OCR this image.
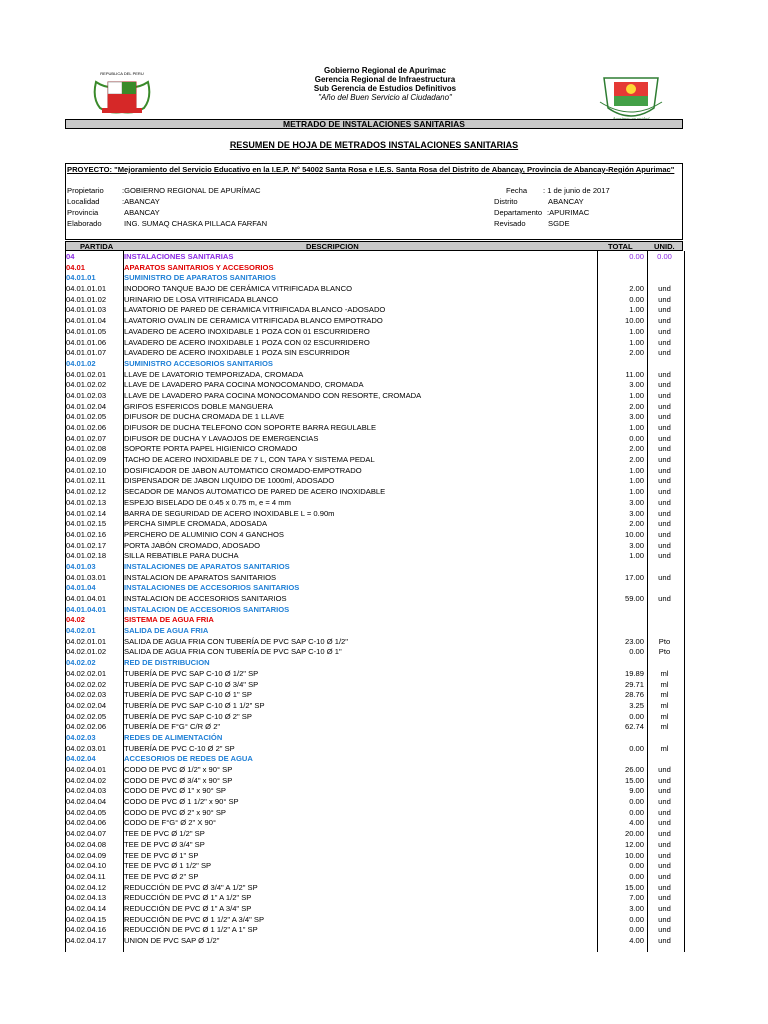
REPUBLICA DEL PERU	Gobierno Regional de Apurimac
Gerencia Regional de Infraestructura
Sub Gerencia de Estudios Definitivos
"Año del Buen Servicio al Ciudadano"
METRADO DE INSTALACIONES SANITARIAS
RESUMEN DE HOJA DE METRADOS INSTALACIONES SANITARIAS
PROYECTO: "Mejoramiento del Servicio Educativo en la I.E.P. N° 54002 Santa Rosa e I.E.S. Santa Rosa del Distrito de Abancay, Provincia de Abancay-Región Apurimac"
Propietario :GOBIERNO REGIONAL DE APURÍMAC
Localidad	:ABANCAY
Provincia	ABANCAY
Elaborado	ING. SUMAQ CHASKA PILLACA FARFAN
Fecha : 1 de junio de 2017
Distrito	ABANCAY
Departamento :APURIMAC
Revisado	SGDE
PARTIDA	DESCRIPCION	TOTAL	UNID.
04	INSTALACIONES SANITARIAS	0.00	0.00
04.01	APARATOS SANITARIOS Y ACCESORIOS
04.01.01	SUMINISTRO DE APARATOS SANITARIOS
04.01.01.01 INODORO TANQUE BAJO DE CERÁMICA VITRIFICADA BLANCO	2.00	und
04.01.01.02 URINARIO DE LOSA VITRIFICADA BLANCO	0.00	und
04.01.01.03 LAVATORIO DE PARED DE CERAMICA VITRIFICADA BLANCO -ADOSADO	1.00	und
04.01.01.04 LAVATORIO OVALIN DE CERAMICA VITRIFICADA BLANCO EMPOTRADO	10.00	und
04.01.01.05 LAVADERO DE ACERO INOXIDABLE 1 POZA CON 01 ESCURRIDERO	1.00	und
04.01.01.06 LAVADERO DE ACERO INOXIDABLE 1 POZA CON 02 ESCURRIDERO	1.00	und
04.01.01.07 LAVADERO DE ACERO INOXIDABLE 1 POZA SIN ESCURRIDOR	2.00	und
04.01.02	SUMINISTRO ACCESORIOS SANITARIOS
04.01.02.01 LLAVE DE LAVATORIO TEMPORIZADA, CROMADA	11.00	und
04.01.02.02 LLAVE DE LAVADERO PARA COCINA MONOCOMANDO, CROMADA	3.00	und
04.01.02.03 LLAVE DE LAVADERO PARA COCINA MONOCOMANDO CON RESORTE, CROMADA	1.00	und
04.01.02.04 GRIFOS ESFERICOS DOBLE MANGUERA	2.00	und
04.01.02.05 DIFUSOR DE DUCHA CROMADA DE 1 LLAVE	3.00	und
04.01.02.06 DIFUSOR DE DUCHA TELEFONO CON SOPORTE BARRA REGULABLE	1.00	und
04.01.02.07 DIFUSOR DE DUCHA Y LAVAOJOS DE EMERGENCIAS	0.00	und
04.01.02.08 SOPORTE PORTA PAPEL HIGIENICO CROMADO	2.00	und
04.01.02.09 TACHO DE ACERO INOXIDABLE DE 7 L, CON TAPA Y SISTEMA PEDAL	2.00	und
04.01.02.10 DOSIFICADOR DE JABON AUTOMATICO CROMADO-EMPOTRADO	1.00	und
04.01.02.11 DISPENSADOR DE JABON LIQUIDO DE 1000ml, ADOSADO	1.00	und
04.01.02.12 SECADOR DE MANOS AUTOMATICO DE PARED DE ACERO INOXIDABLE	1.00	und
04.01.02.13 ESPEJO BISELADO DE 0.45 x 0.75 m, e = 4 mm	3.00	und
04.01.02.14 BARRA DE SEGURIDAD DE ACERO INOXIDABLE L = 0.90m	3.00	und
04.01.02.15 PERCHA SIMPLE CROMADA, ADOSADA	2.00	und
04.01.02.16 PERCHERO DE ALUMINIO CON 4 GANCHOS	10.00	und
04.01.02.17 PORTA JABÓN CROMADO, ADOSADO	3.00	und
04.01.02.18 SILLA REBATIBLE PARA DUCHA	1.00	und
04.01.03	INSTALACIONES DE APARATOS SANITARIOS
04.01.03.01 INSTALACION DE APARATOS SANITARIOS	17.00	und
04.01.04	INSTALACIONES DE ACCESORIOS SANITARIOS
04.01.04.01 INSTALACION DE ACCESORIOS SANITARIOS	59.00	und
04.01.04.01 INSTALACION DE ACCESORIOS SANITARIOS
04.02	SISTEMA DE AGUA FRIA
04.02.01	SALIDA DE AGUA FRIA
04.02.01.01 SALIDA DE AGUA FRIA CON TUBERÍA DE PVC SAP C-10 Ø 1/2"	23.00	Pto
04.02.01.02 SALIDA DE AGUA FRIA CON TUBERÍA DE PVC SAP C-10 Ø 1"	0.00	Pto
04.02.02	RED DE DISTRIBUCION
04.02.02.01 TUBERÍA DE PVC SAP C-10 Ø 1/2" SP	19.89	ml
04.02.02.02 TUBERÍA DE PVC SAP C-10 Ø 3/4" SP	29.71	ml
04.02.02.03 TUBERÍA DE PVC SAP C-10 Ø 1" SP	28.76	ml
04.02.02.04 TUBERÍA DE PVC SAP C-10 Ø 1 1/2" SP	3.25	ml
04.02.02.05 TUBERÍA DE PVC SAP C-10 Ø 2" SP	0.00	ml
04.02.02.06 TUBERÍA DE F°G° C/R Ø 2"	62.74	ml
04.02.03	REDES DE ALIMENTACIÓN
04.02.03.01 TUBERÍA DE PVC C-10 Ø 2" SP	0.00	ml
04.02.04	ACCESORIOS DE REDES DE AGUA
04.02.04.01 CODO DE PVC Ø 1/2" x 90° SP	26.00	und
04.02.04.02 CODO DE PVC Ø 3/4" x 90° SP	15.00	und
04.02.04.03 CODO DE PVC Ø 1" x 90° SP	9.00	und
04.02.04.04 CODO DE PVC Ø 1 1/2" x 90° SP	0.00	und
04.02.04.05 CODO DE PVC Ø 2" x 90° SP	0.00	und
04.02.04.06 CODO DE F°G° Ø 2" X 90°	4.00	und
04.02.04.07 TEE DE PVC Ø 1/2" SP	20.00	und
04.02.04.08 TEE DE PVC Ø 3/4" SP	12.00	und
04.02.04.09 TEE DE PVC Ø 1" SP	10.00	und
04.02.04.10 TEE DE PVC Ø 1 1/2" SP	0.00	und
04.02.04.11 TEE DE PVC Ø 2" SP	0.00	und
04.02.04.12 REDUCCIÓN DE PVC Ø 3/4" A 1/2" SP	15.00	und
04.02.04.13 REDUCCIÓN DE PVC Ø 1" A 1/2" SP	7.00	und
04.02.04.14 REDUCCIÓN DE PVC Ø 1" A 3/4" SP	3.00	und
04.02.04.15 REDUCCIÓN DE PVC Ø 1 1/2" A 3/4" SP	0.00	und
04.02.04.16 REDUCCIÓN DE PVC Ø 1 1/2" A 1" SP	0.00	und
04.02.04.17 UNION DE PVC SAP Ø 1/2"	4.00	und
